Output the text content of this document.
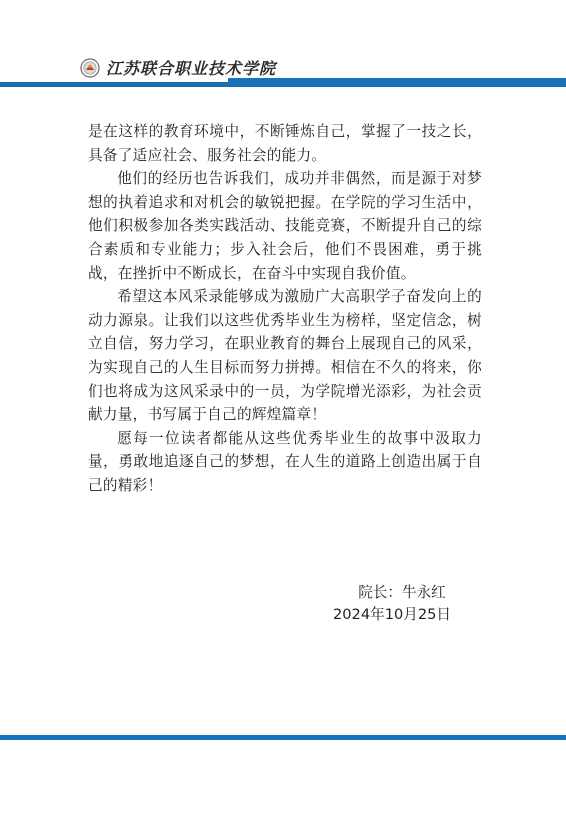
江苏联合职业技术学院

是在这样的教育环境中，不断锤炼自己，掌握了一技之长，具备了适应社会、服务社会的能力。

他们的经历也告诉我们，成功并非偶然，而是源于对梦想的执着追求和对机会的敏锐把握。在学院的学习生活中，他们积极参加各类实践活动、技能竞赛，不断提升自己的综合素质和专业能力；步入社会后，他们不畏困难，勇于挑战，在挫折中不断成长，在奋斗中实现自我价值。

希望这本风采录能够成为激励广大高职学子奋发向上的动力源泉。让我们以这些优秀毕业生为榜样，坚定信念，树立自信，努力学习，在职业教育的舞台上展现自己的风采，为实现自己的人生目标而努力拼搏。相信在不久的将来，你们也将成为这风采录中的一员，为学院增光添彩，为社会贡献力量，书写属于自己的辉煌篇章！

愿每一位读者都能从这些优秀毕业生的故事中汲取力量，勇敢地追逐自己的梦想，在人生的道路上创造出属于自己的精彩！

院长：牛永红
2024年10月25日
